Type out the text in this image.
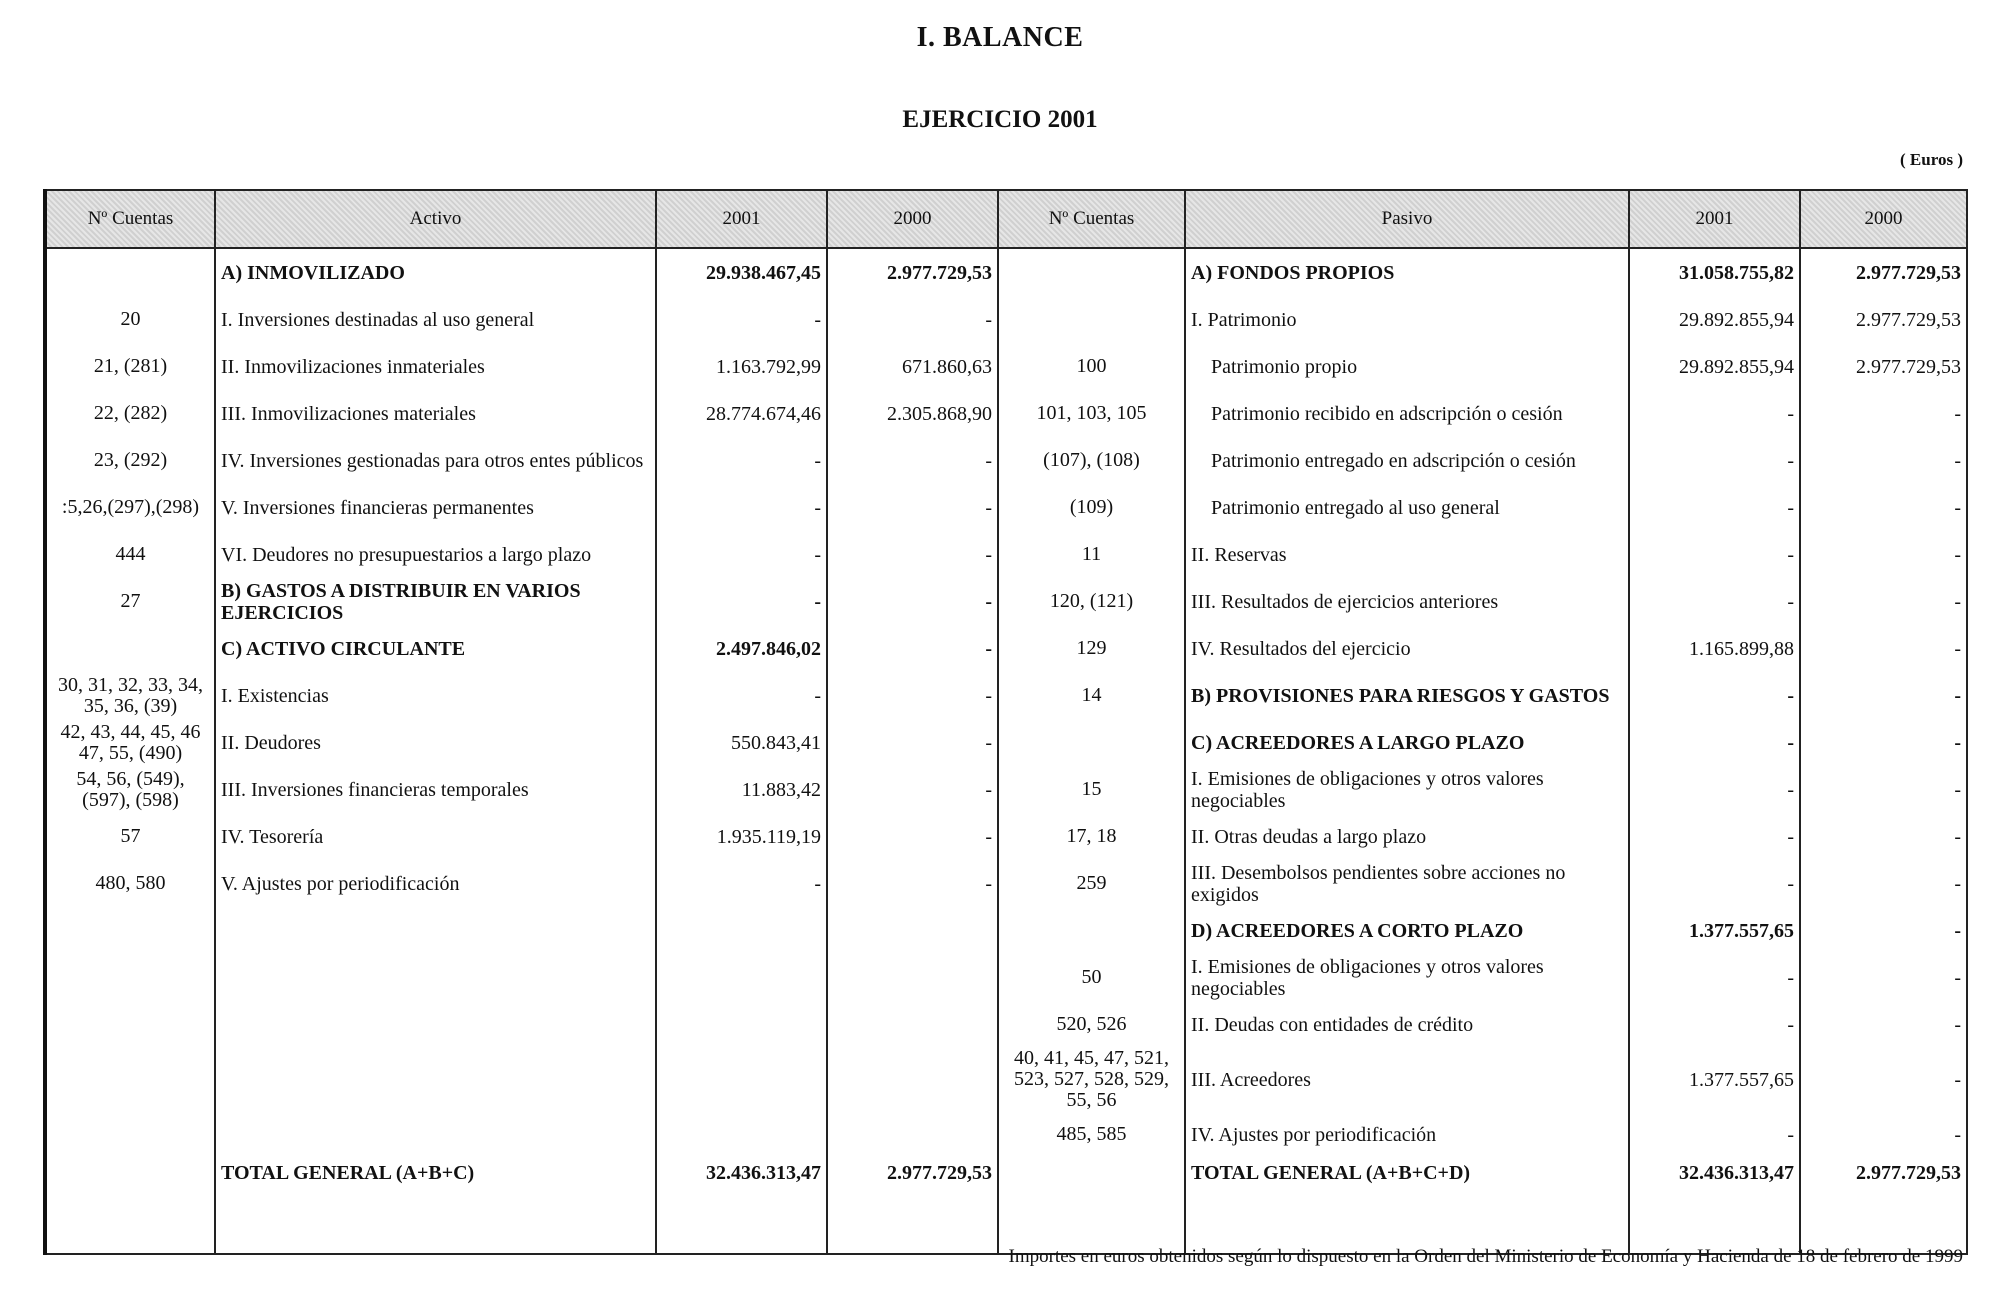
I. BALANCE
EJERCICIO 2001
( Euros )
Nº Cuentas	Activo	2001	2000	Nº Cuentas	Pasivo	2001	2000
	A) INMOVILIZADO	29.938.467,45	2.977.729,53		A) FONDOS PROPIOS	31.058.755,82	2.977.729,53
20	I. Inversiones destinadas al uso general	-	-		I. Patrimonio	29.892.855,94	2.977.729,53
21, (281)	II. Inmovilizaciones inmateriales	1.163.792,99	671.860,63	100	Patrimonio propio	29.892.855,94	2.977.729,53
22, (282)	III. Inmovilizaciones materiales	28.774.674,46	2.305.868,90	101, 103, 105	Patrimonio recibido en adscripción o cesión	-	-
23, (292)	IV. Inversiones gestionadas para otros entes públicos	-	-	(107), (108)	Patrimonio entregado en adscripción o cesión	-	-
:5,26,(297),(298)	V. Inversiones financieras permanentes	-	-	(109)	Patrimonio entregado al uso general	-	-
444	VI. Deudores no presupuestarios a largo plazo	-	-	11	II. Reservas	-	-
27	B) GASTOS A DISTRIBUIR EN VARIOS EJERCICIOS	-	-	120, (121)	III. Resultados de ejercicios anteriores	-	-
	C) ACTIVO CIRCULANTE	2.497.846,02	-	129	IV. Resultados del ejercicio	1.165.899,88	-
30, 31, 32, 33, 34, 35, 36, (39)	I. Existencias	-	-	14	B) PROVISIONES PARA RIESGOS Y GASTOS	-	-
42, 43, 44, 45, 46 47, 55, (490)	II. Deudores	550.843,41	-		C) ACREEDORES A LARGO PLAZO	-	-
54, 56, (549), (597), (598)	III. Inversiones financieras temporales	11.883,42	-	15	I. Emisiones de obligaciones y otros valores negociables	-	-
57	IV. Tesorería	1.935.119,19	-	17, 18	II. Otras deudas a largo plazo	-	-
480, 580	V. Ajustes por periodificación	-	-	259	III. Desembolsos pendientes sobre acciones no exigidos	-	-
					D) ACREEDORES A CORTO PLAZO	1.377.557,65	-
				50	I. Emisiones de obligaciones y otros valores negociables	-	-
				520, 526	II. Deudas con entidades de crédito	-	-
				40, 41, 45, 47, 521, 523, 527, 528, 529, 55, 56	III. Acreedores	1.377.557,65	-
				485, 585	IV. Ajustes por periodificación	-	-
	TOTAL GENERAL (A+B+C)	32.436.313,47	2.977.729,53		TOTAL GENERAL (A+B+C+D)	32.436.313,47	2.977.729,53
Importes en euros obtenidos según lo dispuesto en la Orden del Ministerio de Economía y Hacienda de 18 de febrero de 1999
